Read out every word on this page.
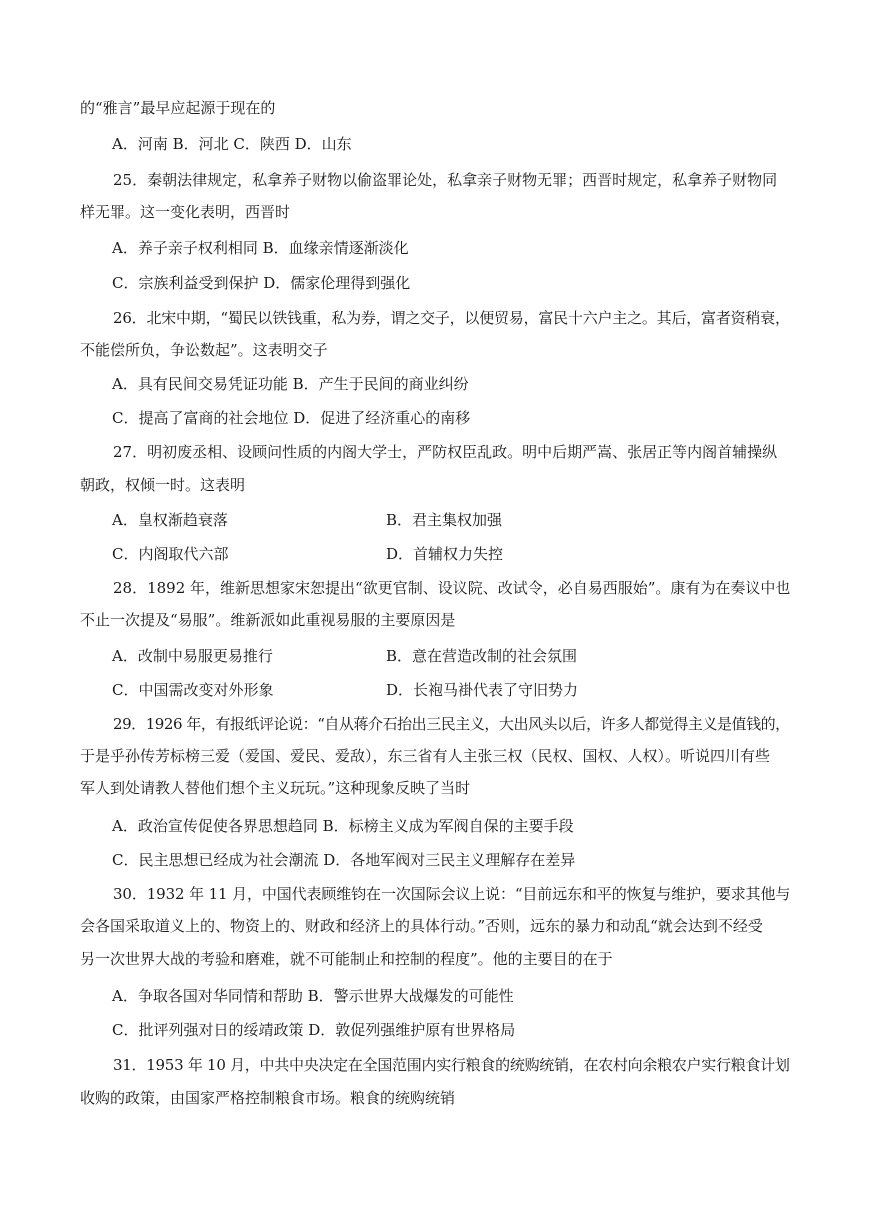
的“雅言”最早应起源于现在的
A．河南 B．河北 C．陕西 D．山东
25．秦朝法律规定，私拿养子财物以偷盗罪论处，私拿亲子财物无罪；西晋时规定，私拿养子财物同
样无罪。这一变化表明，西晋时
A．养子亲子权利相同 B．血缘亲情逐渐淡化
C．宗族利益受到保护 D．儒家伦理得到强化
26．北宋中期，“蜀民以铁钱重，私为券，谓之交子，以便贸易，富民十六户主之。其后，富者资稍衰，
不能偿所负，争讼数起”。这表明交子
A．具有民间交易凭证功能 B．产生于民间的商业纠纷
C．提高了富商的社会地位 D．促进了经济重心的南移
27．明初废丞相、设顾问性质的内阁大学士，严防权臣乱政。明中后期严嵩、张居正等内阁首辅操纵
朝政，权倾一时。这表明
A．皇权渐趋衰落	B．君主集权加强
C．内阁取代六部	D．首辅权力失控
28．1892 年，维新思想家宋恕提出“欲更官制、设议院、改试令，必自易西服始”。康有为在奏议中也
不止一次提及“易服”。维新派如此重视易服的主要原因是
A．改制中易服更易推行	B．意在营造改制的社会氛围
C．中国需改变对外形象	D．长袍马褂代表了守旧势力
29．1926 年，有报纸评论说：“自从蒋介石抬出三民主义，大出风头以后，许多人都觉得主义是值钱的，
于是乎孙传芳标榜三爱（爱国、爱民、爱敌），东三省有人主张三权（民权、国权、人权）。听说四川有些
军人到处请教人替他们想个主义玩玩。”这种现象反映了当时
A．政治宣传促使各界思想趋同 B．标榜主义成为军阀自保的主要手段
C．民主思想已经成为社会潮流 D．各地军阀对三民主义理解存在差异
30．1932 年 11 月，中国代表顾维钧在一次国际会议上说：“目前远东和平的恢复与维护，要求其他与
会各国采取道义上的、物资上的、财政和经济上的具体行动。”否则，远东的暴力和动乱“就会达到不经受
另一次世界大战的考验和磨难，就不可能制止和控制的程度”。他的主要目的在于
A．争取各国对华同情和帮助 B．警示世界大战爆发的可能性
C．批评列强对日的绥靖政策 D．敦促列强维护原有世界格局
31．1953 年 10 月，中共中央决定在全国范围内实行粮食的统购统销，在农村向余粮农户实行粮食计划
收购的政策，由国家严格控制粮食市场。粮食的统购统销
